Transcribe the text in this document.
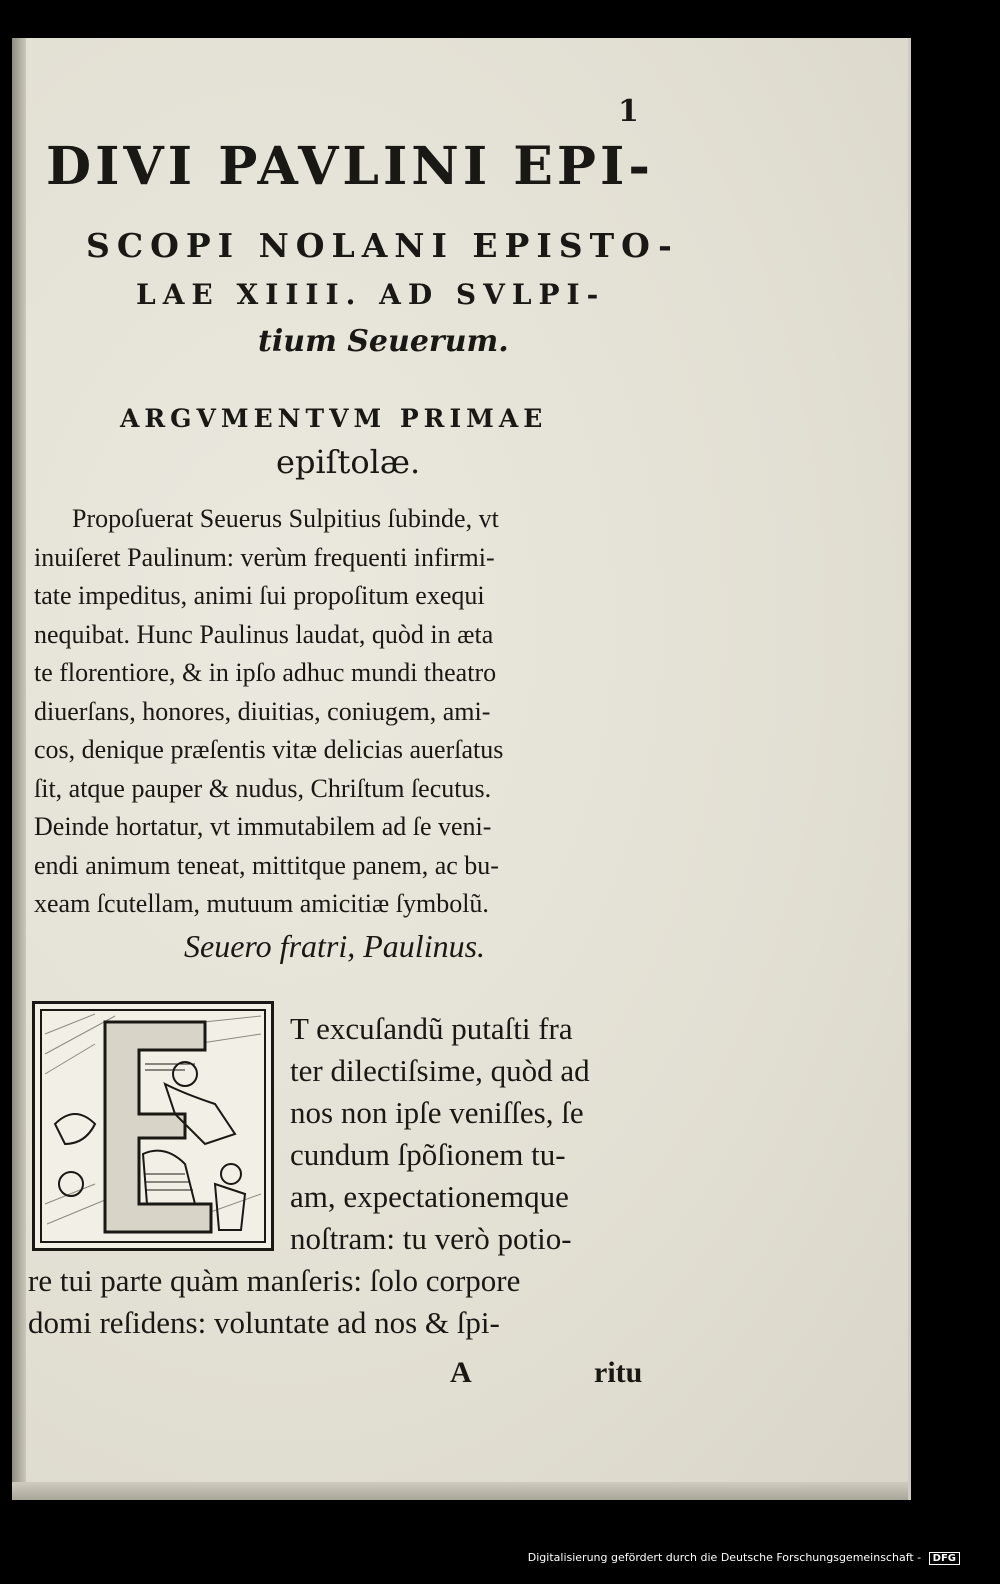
1
DIVI PAVLINI EPI-
SCOPI NOLANI EPISTO-
LAE XIIII. AD SVLPI-
tium Seuerum.
ARGVMENTVM PRIMAE
epiſtolæ.
Propoſuerat Seuerus Sulpitius ſubinde, vt
inuiſeret Paulinum: verùm frequenti infirmi-
tate impeditus, animi ſui propoſitum exequi
nequibat. Hunc Paulinus laudat, quòd in æta
te florentiore, & in ipſo adhuc mundi theatro
diuerſans, honores, diuitias, coniugem, ami-
cos, denique præſentis vitæ delicias auerſatus
ſit, atque pauper & nudus, Chriſtum ſecutus.
Deinde hortatur, vt immutabilem ad ſe veni-
endi animum teneat, mittitque panem, ac bu-
xeam ſcutellam, mutuum amicitiæ ſymbolũ.
Seuero fratri, Paulinus.
T excuſandũ putaſti fra
ter dilectiſsime, quòd ad
nos non ipſe veniſſes, ſe
cundum ſpõſionem tu-
am, expectationemque
noſtram: tu verò potio-
re tui parte quàm manſeris: ſolo corpore
domi reſidens: voluntate ad nos & ſpi-
A	ritu
Digitalisierung gefördert durch die Deutsche Forschungsgemeinschaft - DFG
